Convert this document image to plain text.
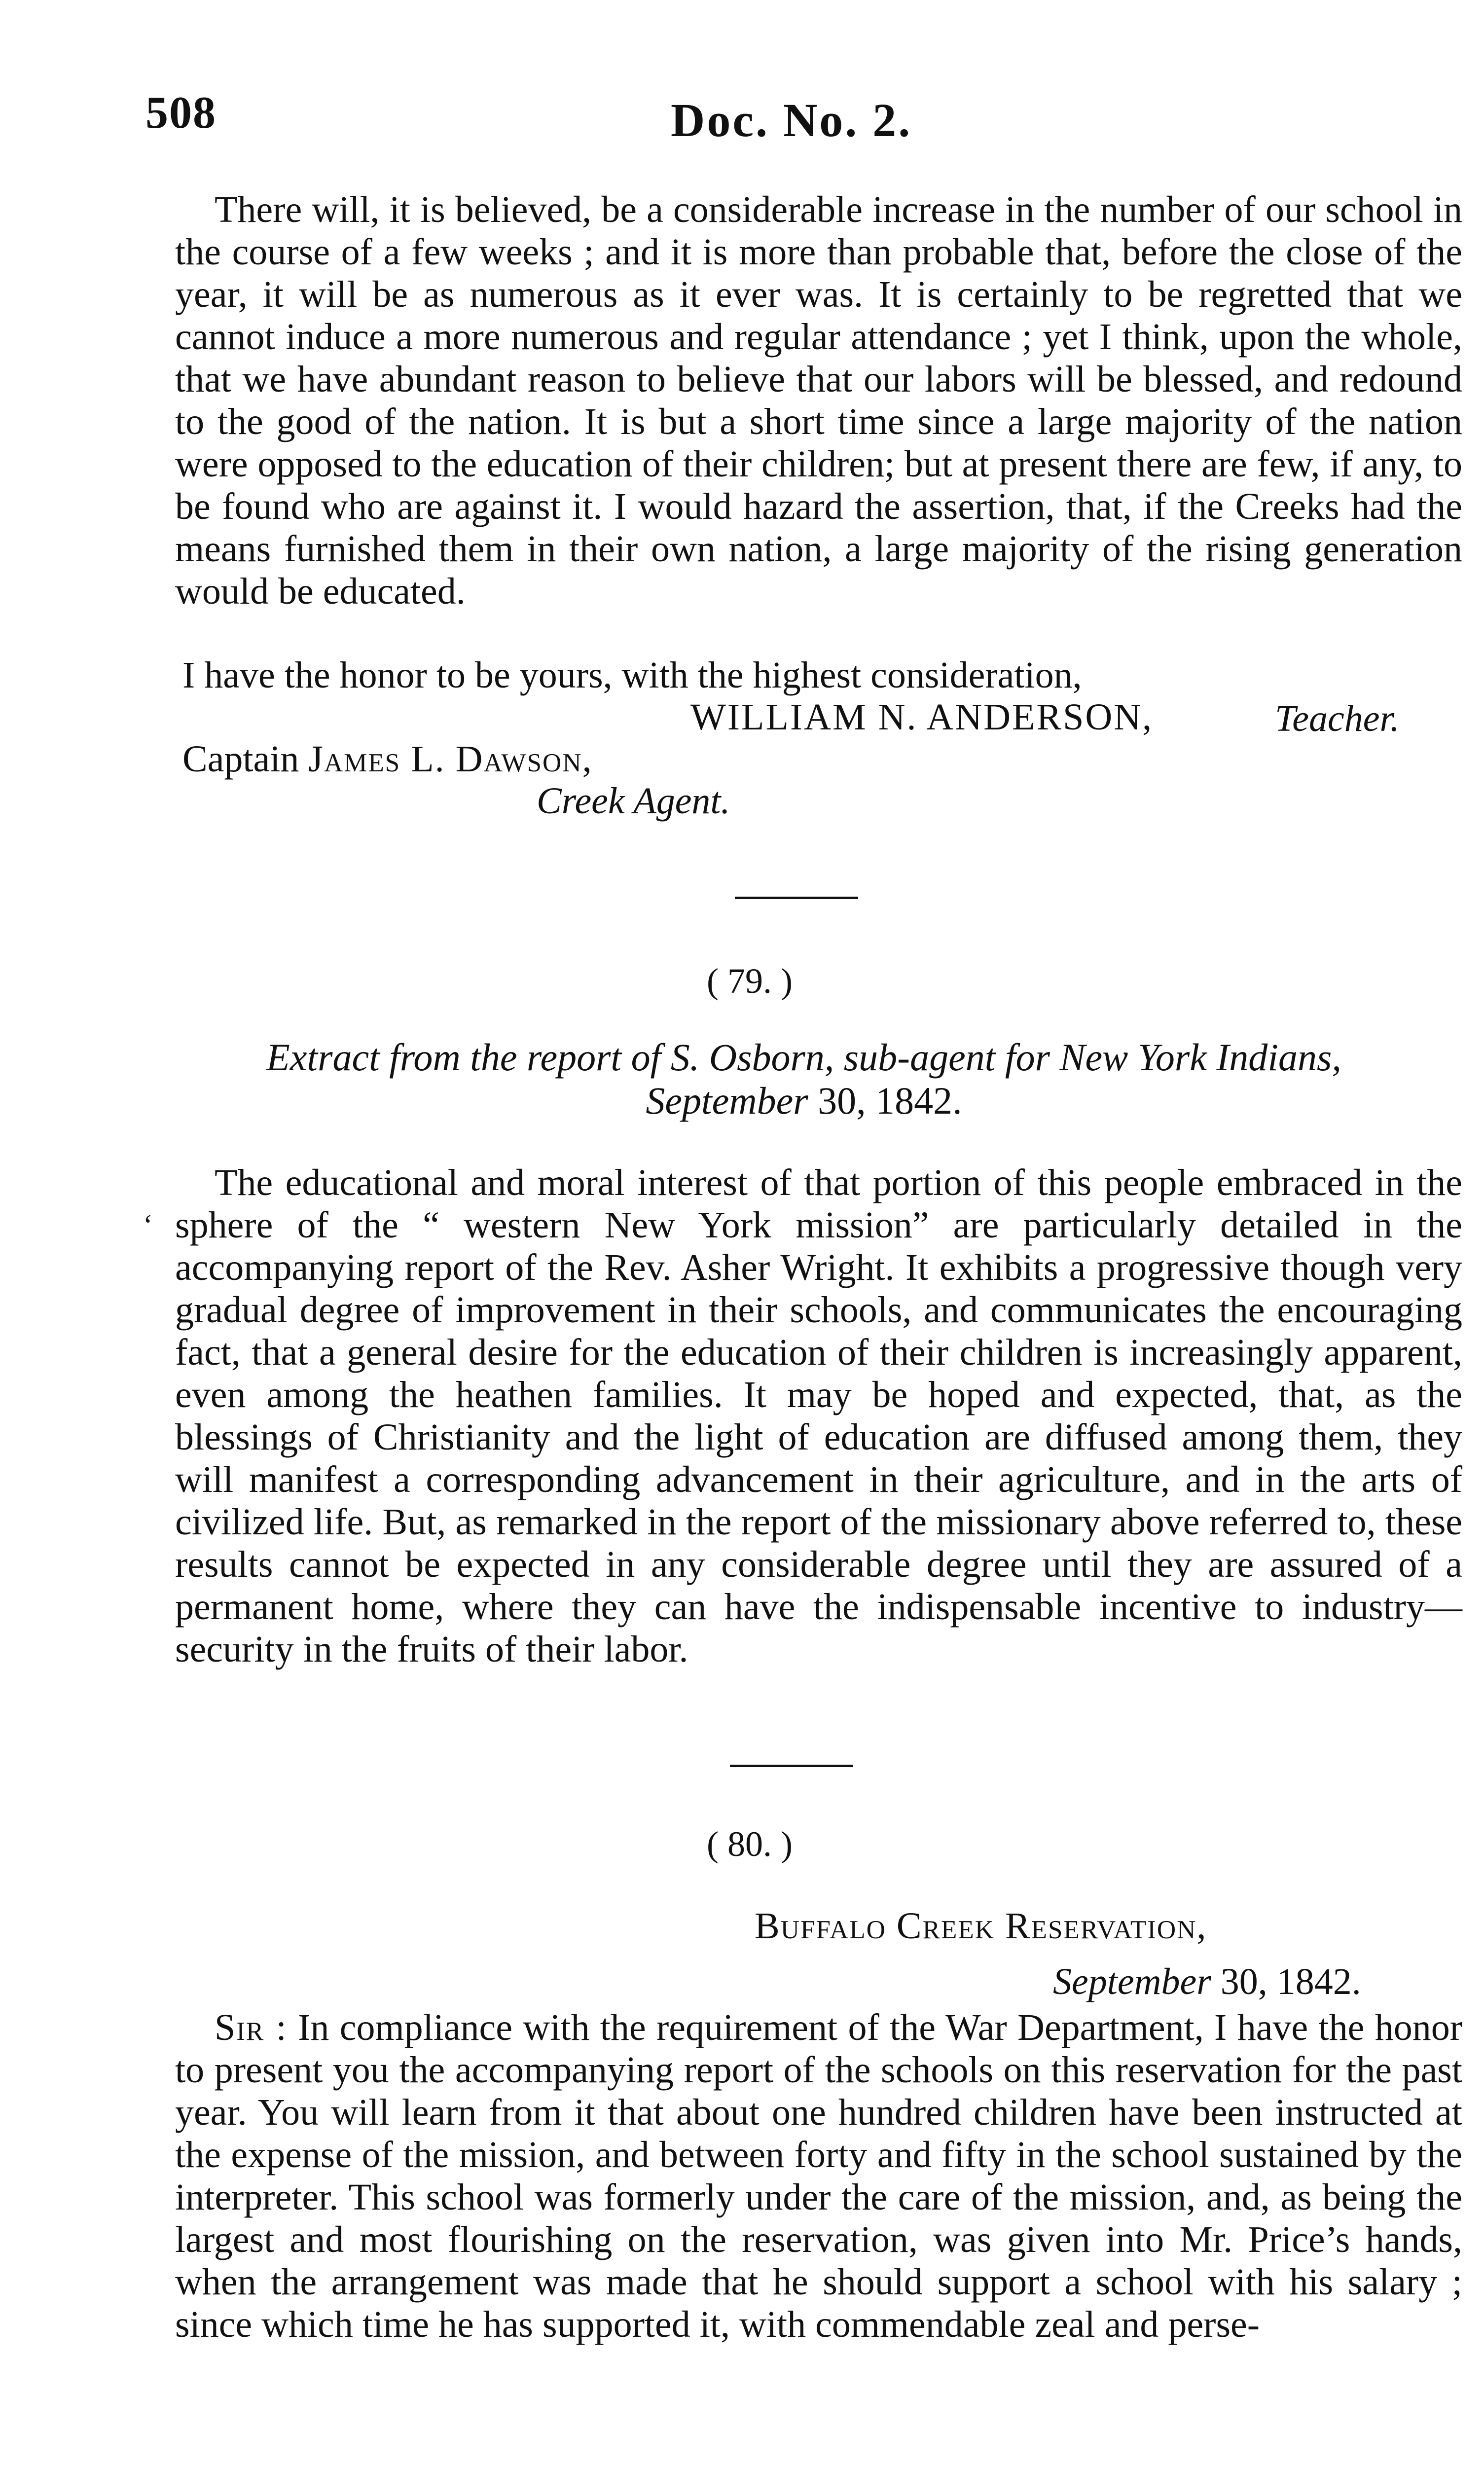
508	Doc. No. 2.
There will, it is believed, be a considerable increase in the number of our school in the course of a few weeks ; and it is more than probable that, before the close of the year, it will be as numerous as it ever was. It is certainly to be regretted that we cannot induce a more numerous and regular attendance ; yet I think, upon the whole, that we have abundant reason to believe that our labors will be blessed, and redound to the good of the nation. It is but a short time since a large majority of the nation were opposed to the education of their children; but at present there are few, if any, to be found who are against it. I would hazard the assertion, that, if the Creeks had the means furnished them in their own nation, a large majority of the rising generation would be educated.
I have the honor to be yours, with the highest consideration,
WILLIAM N. ANDERSON,	Teacher.
Captain James L. Dawson,
Creek Agent.
( 79. )
Extract from the report of S. Osborn, sub-agent for New York Indians,
September 30, 1842.
‘
The educational and moral interest of that portion of this people embraced in the sphere of the “ western New York mission” are particularly detailed in the accompanying report of the Rev. Asher Wright. It exhibits a progressive though very gradual degree of improvement in their schools, and communicates the encouraging fact, that a general desire for the education of their children is increasingly apparent, even among the heathen families. It may be hoped and expected, that, as the blessings of Christianity and the light of education are diffused among them, they will manifest a corresponding advancement in their agriculture, and in the arts of civilized life. But, as remarked in the report of the missionary above referred to, these results cannot be expected in any considerable degree until they are assured of a permanent home, where they can have the indispensable incentive to industry—security in the fruits of their labor.
( 80. )
Buffalo Creek Reservation,
September 30, 1842.
Sir : In compliance with the requirement of the War Department, I have the honor to present you the accompanying report of the schools on this reservation for the past year. You will learn from it that about one hundred children have been instructed at the expense of the mission, and between forty and fifty in the school sustained by the interpreter. This school was formerly under the care of the mission, and, as being the largest and most flourishing on the reservation, was given into Mr. Price’s hands, when the arrangement was made that he should support a school with his salary ; since which time he has supported it, with commendable zeal and perse-
